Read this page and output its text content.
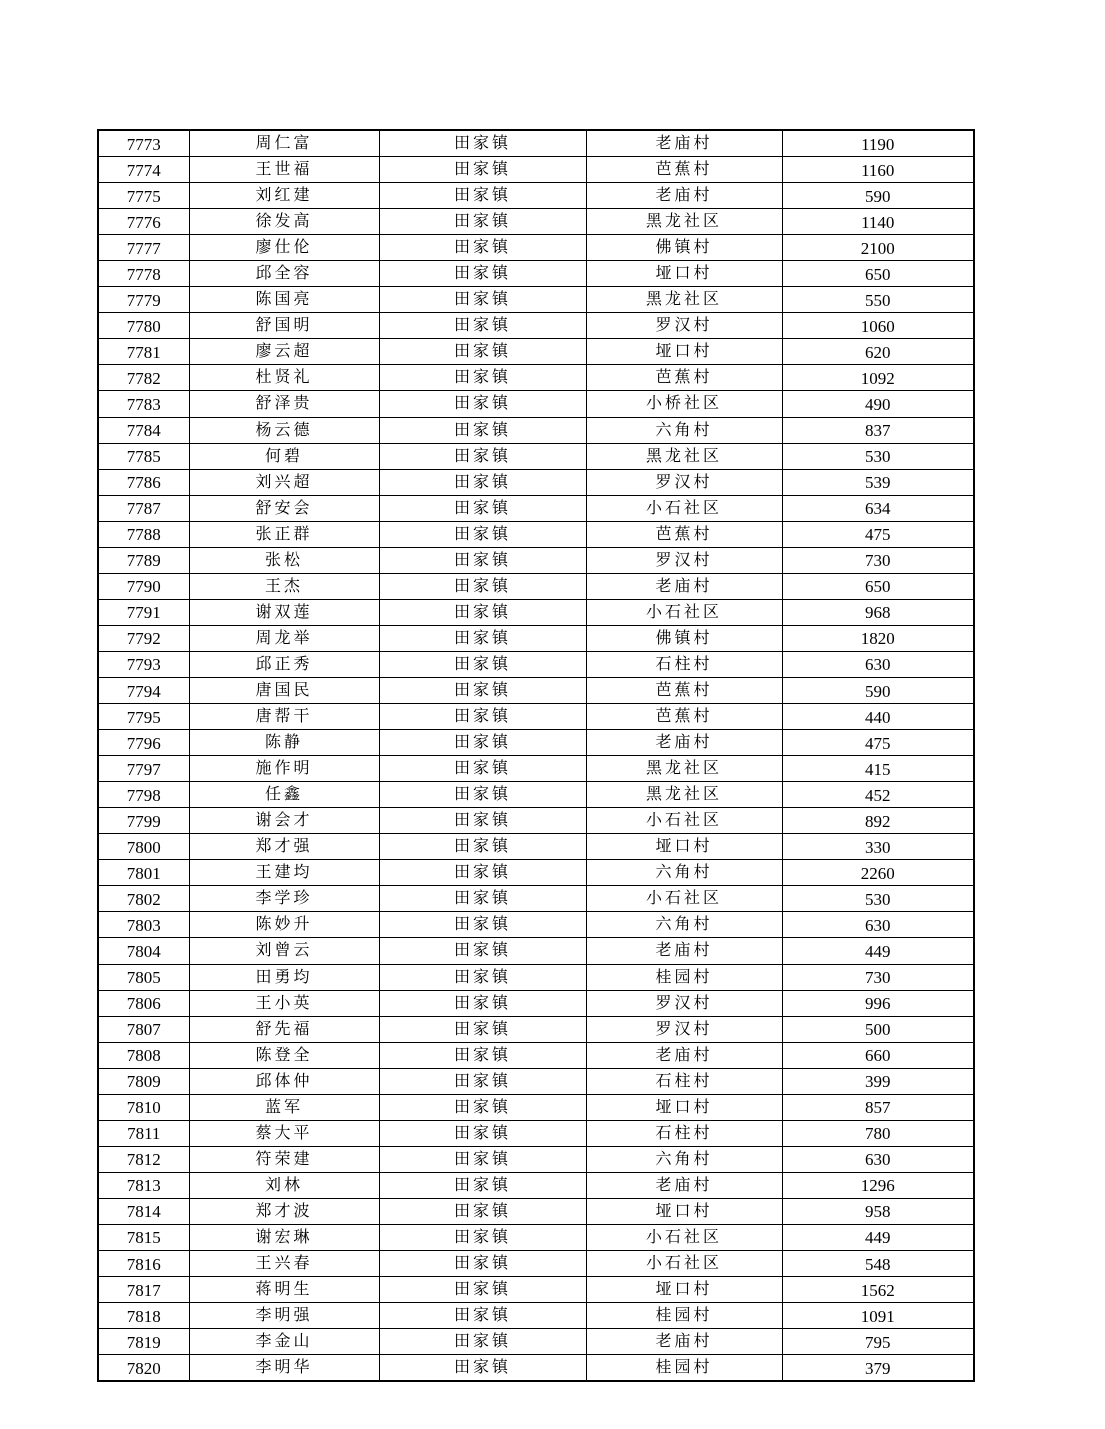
7773	周仁富	田家镇	老庙村	1190
7774	王世福	田家镇	芭蕉村	1160
7775	刘红建	田家镇	老庙村	590
7776	徐发高	田家镇	黑龙社区	1140
7777	廖仕伦	田家镇	佛镇村	2100
7778	邱全容	田家镇	垭口村	650
7779	陈国亮	田家镇	黑龙社区	550
7780	舒国明	田家镇	罗汉村	1060
7781	廖云超	田家镇	垭口村	620
7782	杜贤礼	田家镇	芭蕉村	1092
7783	舒泽贵	田家镇	小桥社区	490
7784	杨云德	田家镇	六角村	837
7785	何碧	田家镇	黑龙社区	530
7786	刘兴超	田家镇	罗汉村	539
7787	舒安会	田家镇	小石社区	634
7788	张正群	田家镇	芭蕉村	475
7789	张松	田家镇	罗汉村	730
7790	王杰	田家镇	老庙村	650
7791	谢双莲	田家镇	小石社区	968
7792	周龙举	田家镇	佛镇村	1820
7793	邱正秀	田家镇	石柱村	630
7794	唐国民	田家镇	芭蕉村	590
7795	唐帮干	田家镇	芭蕉村	440
7796	陈静	田家镇	老庙村	475
7797	施作明	田家镇	黑龙社区	415
7798	任鑫	田家镇	黑龙社区	452
7799	谢会才	田家镇	小石社区	892
7800	郑才强	田家镇	垭口村	330
7801	王建均	田家镇	六角村	2260
7802	李学珍	田家镇	小石社区	530
7803	陈妙升	田家镇	六角村	630
7804	刘曾云	田家镇	老庙村	449
7805	田勇均	田家镇	桂园村	730
7806	王小英	田家镇	罗汉村	996
7807	舒先福	田家镇	罗汉村	500
7808	陈登全	田家镇	老庙村	660
7809	邱体仲	田家镇	石柱村	399
7810	蓝军	田家镇	垭口村	857
7811	蔡大平	田家镇	石柱村	780
7812	符荣建	田家镇	六角村	630
7813	刘林	田家镇	老庙村	1296
7814	郑才波	田家镇	垭口村	958
7815	谢宏琳	田家镇	小石社区	449
7816	王兴春	田家镇	小石社区	548
7817	蒋明生	田家镇	垭口村	1562
7818	李明强	田家镇	桂园村	1091
7819	李金山	田家镇	老庙村	795
7820	李明华	田家镇	桂园村	379
